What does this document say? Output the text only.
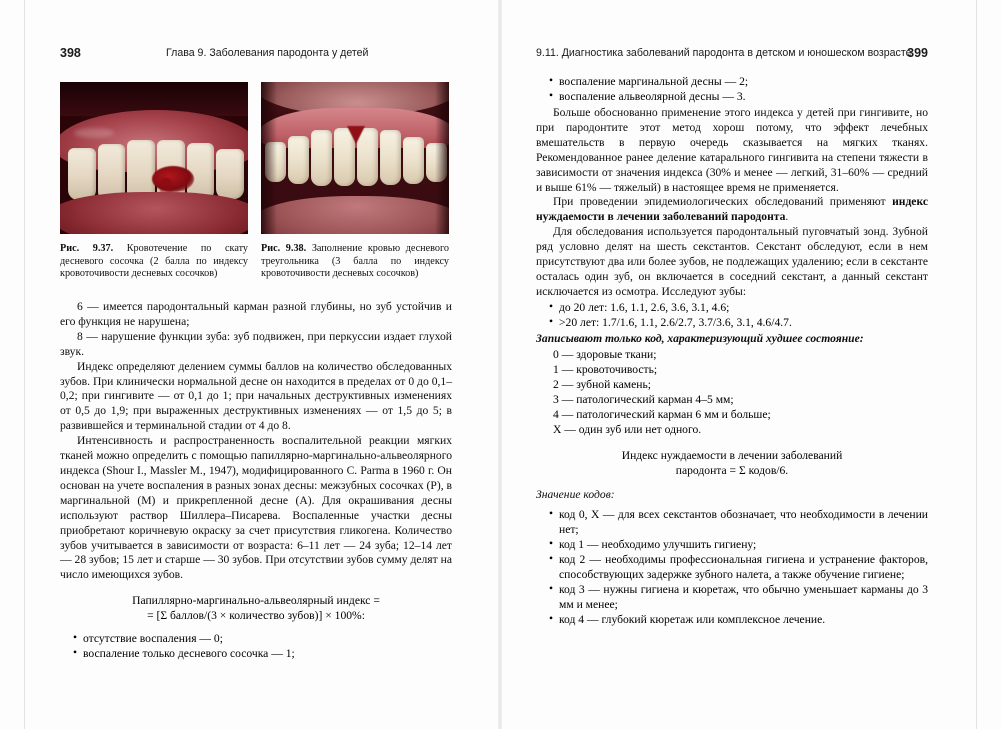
398	Глава 9. Заболевания пародонта у детей
Рис. 9.37. Кровотечение по скату десневого сосочка (2 балла по индексу кровоточивости десневых сосочков)
Рис. 9.38. Заполнение кровью десневого треугольника (3 балла по индексу кровоточивости десневых сосочков)

6 — имеется пародонтальный карман разной глубины, но зуб устойчив и его функция не нарушена;

8 — нарушение функции зуба: зуб подвижен, при перкуссии издает глухой звук.

Индекс определяют делением суммы баллов на количество обследованных зубов. При клинически нормальной десне он находится в пределах от 0 до 0,1–0,2; при гингивите — от 0,1 до 1; при начальных деструктивных изменениях от 0,5 до 1,9; при выраженных деструктивных изменениях — от 1,5 до 5; в развившейся и терминальной стадии от 4 до 8.

Интенсивность и распространенность воспалительной реакции мягких тканей можно определить с помощью папиллярно-маргинально-альвеолярного индекса (Shour I., Massler M., 1947), модифицированного C. Parma в 1960 г. Он основан на учете воспаления в разных зонах десны: межзубных сосочках (Р), в маргинальной (М) и прикрепленной десне (А). Для окрашивания десны используют раствор Шиллера–Писарева. Воспаленные участки десны приобретают коричневую окраску за счет присутствия гликогена. Количество зубов учитывается в зависимости от возраста: 6–11 лет — 24 зуба; 12–14 лет — 28 зубов; 15 лет и старше — 30 зубов. При отсутствии зубов сумму делят на число имеющихся зубов.

Папиллярно-маргинально-альвеолярный индекс =
= [Σ баллов/(3 × количество зубов)] × 100%:
• отсутствие воспаления — 0;
• воспаление только десневого сосочка — 1;
9.11. Диагностика заболеваний пародонта в детском и юношеском возрасте
399
• воспаление маргинальной десны — 2;
• воспаление альвеолярной десны — 3.

Больше обоснованно применение этого индекса у детей при гингивите, но при пародонтите этот метод хорош потому, что эффект лечебных вмешательств в первую очередь сказывается на мягких тканях. Рекомендованное ранее деление катарального гингивита на степени тяжести в зависимости от значения индекса (30% и менее — легкий, 31–60% — средний и выше 61% — тяжелый) в настоящее время не применяется.

При проведении эпидемиологических обследований применяют индекс нуждаемости в лечении заболеваний пародонта.

Для обследования используется пародонтальный пуговчатый зонд. Зубной ряд условно делят на шесть секстантов. Секстант обследуют, если в нем присутствуют два или более зубов, не подлежащих удалению; если в секстанте осталась один зуб, он включается в соседний секстант, а данный секстант исключается из осмотра. Исследуют зубы:

• до 20 лет: 1.6, 1.1, 2.6, 3.6, 3.1, 4.6;
• >20 лет: 1.7/1.6, 1.1, 2.6/2.7, 3.7/3.6, 3.1, 4.6/4.7.

Записывают только код, характеризующий худшее состояние:

0 — здоровые ткани;
1 — кровоточивость;
2 — зубной камень;
3 — патологический карман 4–5 мм;
4 — патологический карман 6 мм и больше;
Х — один зуб или нет одного.
Индекс нуждаемости в лечении заболеваний
пародонта = Σ кодов/6.

Значение кодов:

• код 0, Х — для всех секстантов обозначает, что необходимости в лечении нет;
• код 1 — необходимо улучшить гигиену;
• код 2 — необходимы профессиональная гигиена и устранение факторов, способствующих задержке зубного налета, а также обучение гигиене;
• код 3 — нужны гигиена и кюретаж, что обычно уменьшает карманы до 3 мм и менее;
• код 4 — глубокий кюретаж или комплексное лечение.
